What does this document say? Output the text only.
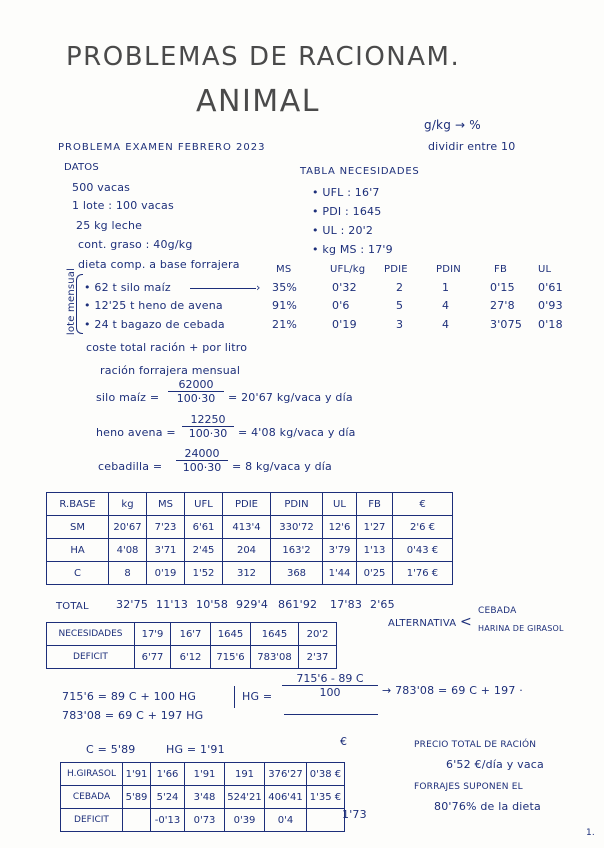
PROBLEMAS DE RACIONAM.
ANIMAL
g/kg → %
dividir entre 10
PROBLEMA EXAMEN FEBRERO 2023
DATOS
500 vacas
1 lote : 100 vacas
25 kg leche
cont. graso : 40g/kg
dieta comp. a base forrajera
lote mensual
TABLA NECESIDADES
• UFL : 16'7
• PDI : 1645
• UL : 20'2
• kg MS : 17'9
MS	UFL/kg PDIE	PDIN	FB	UL
• 62 t silo maíz	› 35%	0'32	2	1	0'15 0'61
• 12'25 t heno de avena	91%	0'6	5	4	27'8 0'93
• 24 t bagazo de cebada	21%	0'19	3	4	3'075 0'18
coste total ración + por litro
ración forrajera mensual
silo maíz = $\frac{62000}{100\cdot 30} = 20'67$ kg/vaca y día
heno avena = $\frac{12250}{100\cdot 30} = 4'08$ kg/vaca y día
cebadilla = $\frac{24000}{100\cdot 30} = 8$ kg/vaca y día
R.BASE	kg	MS	UFL	PDIE	PDIN	UL	FB	€
SM	20'67	7'23	6'61	413'4	330'72	12'6	1'27	2'6 €
HA	4'08	3'71	2'45	204	163'2	3'79	1'13	0'43 €
C	8	0'19	1'52	312	368	1'44	0'25	1'76 €
TOTAL 32'75 11'13 10'58 929'4 861'92 17'83 2'65
NECESIDADES	17'9	16'7	1645	1645	20'2
DEFICIT	6'77	6'12	715'6	783'08	2'37
ALTERNATIVA <
CEBADA
HARINA DE GIRASOL
715'6 = 89 C + 100 HG
783'08 = 69 C + 197 HG
HG = $\frac{715'6 - 89 C}{100} \to 783'08 = 69$ C + 197 ·
C = 5'89	HG = 1'91
€
H.GIRASOL	1'91	1'66	1'91	191	376'27	0'38 €
CEBADA	5'89	5'24	3'48	524'21	406'41	1'35 €
DEFICIT		-0'13	0'73	0'39	0'4		1'73
PRECIO TOTAL DE RACIÓN
6'52 €/día y vaca
FORRAJES SUPONEN EL
80'76% de la dieta
1.
